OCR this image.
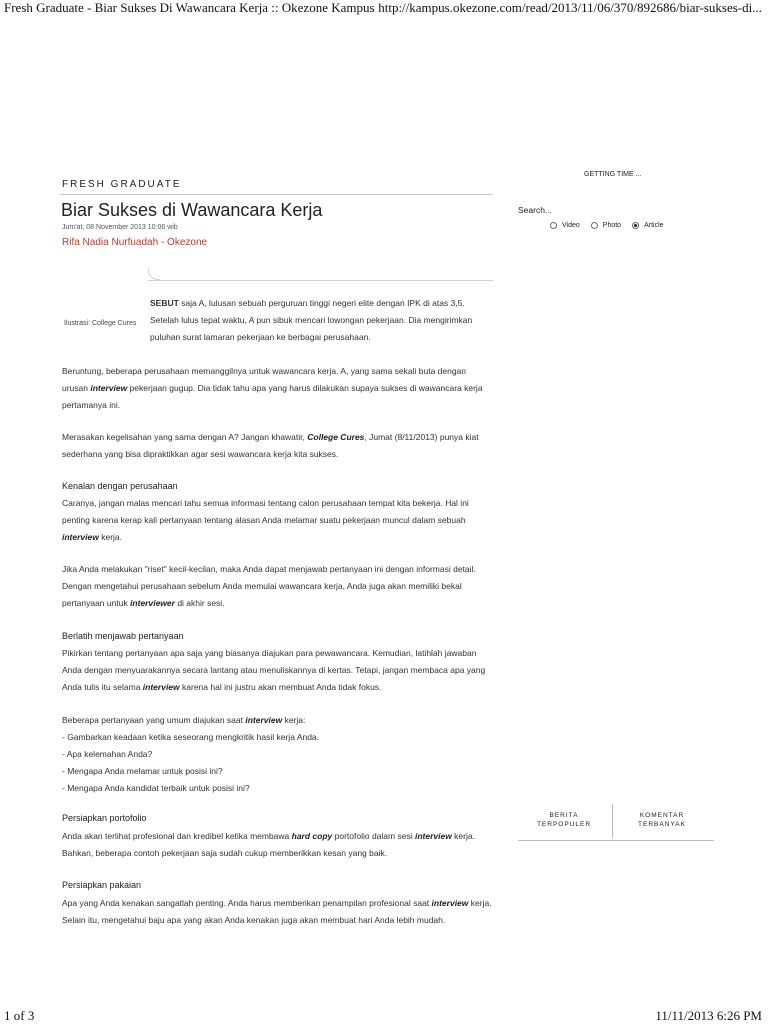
Fresh Graduate - Biar Sukses Di Wawancara Kerja :: Okezone Kampus http://kampus.okezone.com/read/2013/11/06/370/892686/biar-sukses-di...
FRESH GRADUATE
Biar Sukses di Wawancara Kerja
Jum'at, 08 November 2013 10:06 wib
Rifa Nadia Nurfuadah - Okezone
Ilustrasi: College Cures
SEBUT saja A, lulusan sebuah perguruan tinggi negeri elite dengan IPK di atas 3,5. Setelah lulus tepat waktu, A pun sibuk mencari lowongan pekerjaan. Dia mengirimkan puluhan surat lamaran pekerjaan ke berbagai perusahaan.

Beruntung, beberapa perusahaan memanggilnya untuk wawancara kerja. A, yang sama sekali buta dengan urusan interview pekerjaan gugup. Dia tidak tahu apa yang harus dilakukan supaya sukses di wawancara kerja pertamanya ini.

Merasakan kegelisahan yang sama dengan A? Jangan khawatir, College Cures, Jumat (8/11/2013) punya kiat sederhana yang bisa dipraktikkan agar sesi wawancara kerja kita sukses.

Kenalan dengan perusahaan

Caranya, jangan malas mencari tahu semua informasi tentang calon perusahaan tempat kita bekerja. Hal ini penting karena kerap kali pertanyaan tentang alasan Anda melamar suatu pekerjaan muncul dalam sebuah interview kerja.

Jika Anda melakukan "riset" kecil-kecilan, maka Anda dapat menjawab pertanyaan ini dengan informasi detail. Dengan mengetahui perusahaan sebelum Anda memulai wawancara kerja, Anda juga akan memiliki bekal pertanyaan untuk interviewer di akhir sesi.

Berlatih menjawab pertanyaan

Pikirkan tentang pertanyaan apa saja yang biasanya diajukan para pewawancara. Kemudian, latihlah jawaban Anda dengan menyuarakannya secara lantang atau menuliskannya di kertas. Tetapi, jangan membaca apa yang Anda tulis itu selama interview karena hal ini justru akan membuat Anda tidak fokus.

Beberapa pertanyaan yang umum diajukan saat interview kerja:

- Gambarkan keadaan ketika seseorang mengkritik hasil kerja Anda.

- Apa kelemahan Anda?

- Mengapa Anda melamar untuk posisi ini?

- Mengapa Anda kandidat terbaik untuk posisi ini?

Persiapkan portofolio

Anda akan terlihat profesional dan kredibel ketika membawa hard copy portofolio dalam sesi interview kerja. Bahkan, beberapa contoh pekerjaan saja sudah cukup memberikkan kesan yang baik.

Persiapkan pakaian

Apa yang Anda kenakan sangatlah penting. Anda harus memberikan penampilan profesional saat interview kerja. Selain itu, mengetahui baju apa yang akan Anda kenakan juga akan membuat hari Anda lebih mudah.

GETTING TIME ...
Search...
Video	Photo	Article
BERITA
TERPOPULER
KOMENTAR
TERBANYAK
1 of 3	11/11/2013 6:26 PM
